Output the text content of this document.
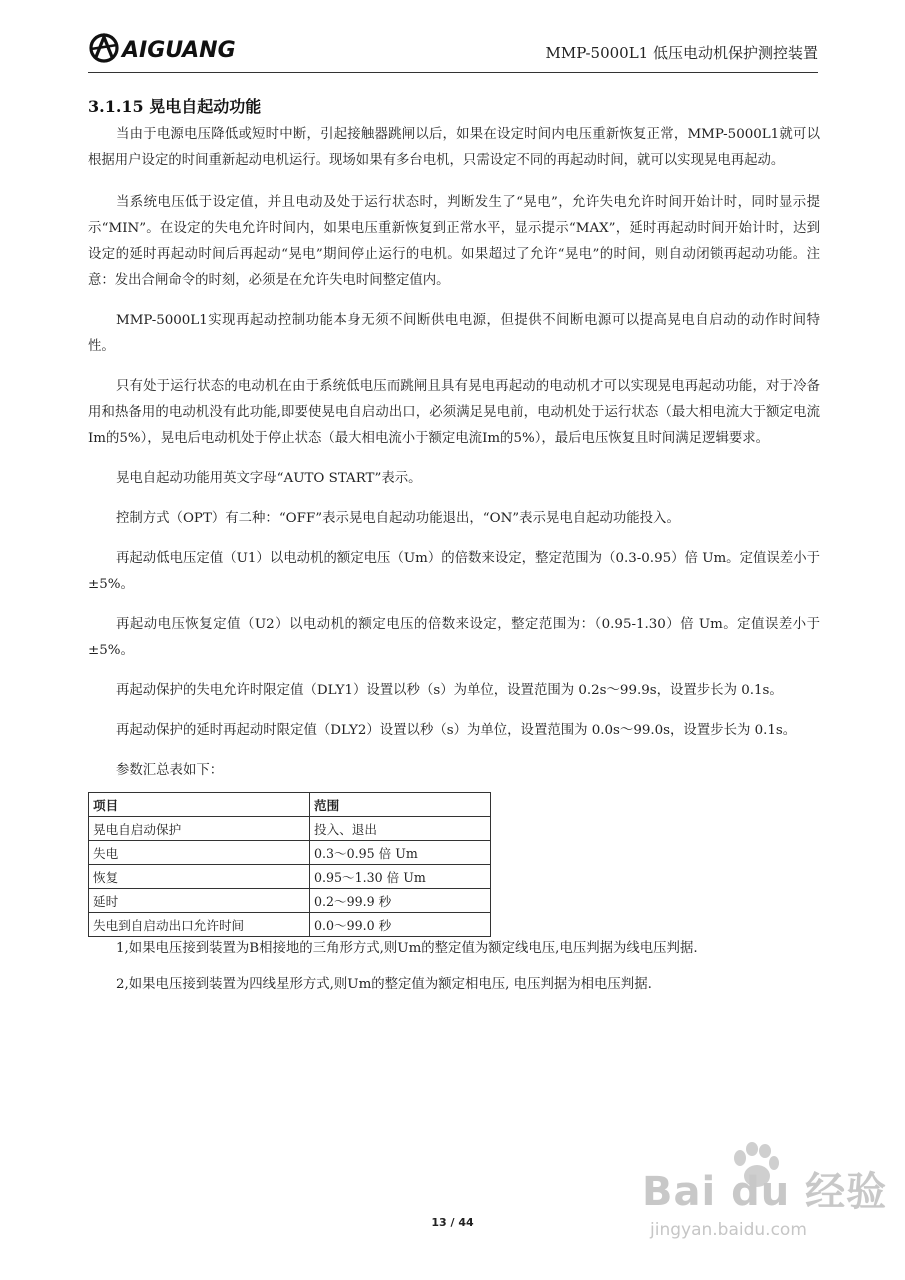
AIGUANG	MMP-5000L1 低压电动机保护测控装置
3.1.15 晃电自起动功能

当由于电源电压降低或短时中断，引起接触器跳闸以后，如果在设定时间内电压重新恢复正常，MMP-5000L1就可以根据用户设定的时间重新起动电机运行。现场如果有多台电机，只需设定不同的再起动时间，就可以实现晃电再起动。

当系统电压低于设定值，并且电动及处于运行状态时，判断发生了“晃电”，允许失电允许时间开始计时，同时显示提示“MIN”。在设定的失电允许时间内，如果电压重新恢复到正常水平，显示提示“MAX”，延时再起动时间开始计时，达到设定的延时再起动时间后再起动“晃电”期间停止运行的电机。如果超过了允许“晃电”的时间，则自动闭锁再起动功能。注意：发出合闸命令的时刻，必须是在允许失电时间整定值内。

MMP-5000L1实现再起动控制功能本身无须不间断供电电源，但提供不间断电源可以提高晃电自启动的动作时间特性。

只有处于运行状态的电动机在由于系统低电压而跳闸且具有晃电再起动的电动机才可以实现晃电再起动功能，对于冷备用和热备用的电动机没有此功能,即要使晃电自启动出口，必须满足晃电前，电动机处于运行状态（最大相电流大于额定电流Im的5%），晃电后电动机处于停止状态（最大相电流小于额定电流Im的5%），最后电压恢复且时间满足逻辑要求。

晃电自起动功能用英文字母“AUTO START”表示。

控制方式（OPT）有二种：“OFF”表示晃电自起动功能退出，“ON”表示晃电自起动功能投入。

再起动低电压定值（U1）以电动机的额定电压（Um）的倍数来设定，整定范围为（0.3-0.95）倍 Um。定值误差小于±5%。

再起动电压恢复定值（U2）以电动机的额定电压的倍数来设定，整定范围为：（0.95-1.30）倍 Um。定值误差小于±5%。

再起动保护的失电允许时限定值（DLY1）设置以秒（s）为单位，设置范围为 0.2s～99.9s，设置步长为 0.1s。

再起动保护的延时再起动时限定值（DLY2）设置以秒（s）为单位，设置范围为 0.0s～99.0s，设置步长为 0.1s。

参数汇总表如下：

项目	范围
晃电自启动保护	投入、退出
失电	0.3～0.95 倍 Um
恢复	0.95～1.30 倍 Um
延时	0.2～99.9 秒
失电到自启动出口允许时间	0.0～99.0 秒

1,如果电压接到装置为B相接地的三角形方式,则Um的整定值为额定线电压,电压判据为线电压判据.

2,如果电压接到装置为四线星形方式,则Um的整定值为额定相电压, 电压判据为相电压判据.

13 / 44
Bai du 经验
jingyan.baidu.com
